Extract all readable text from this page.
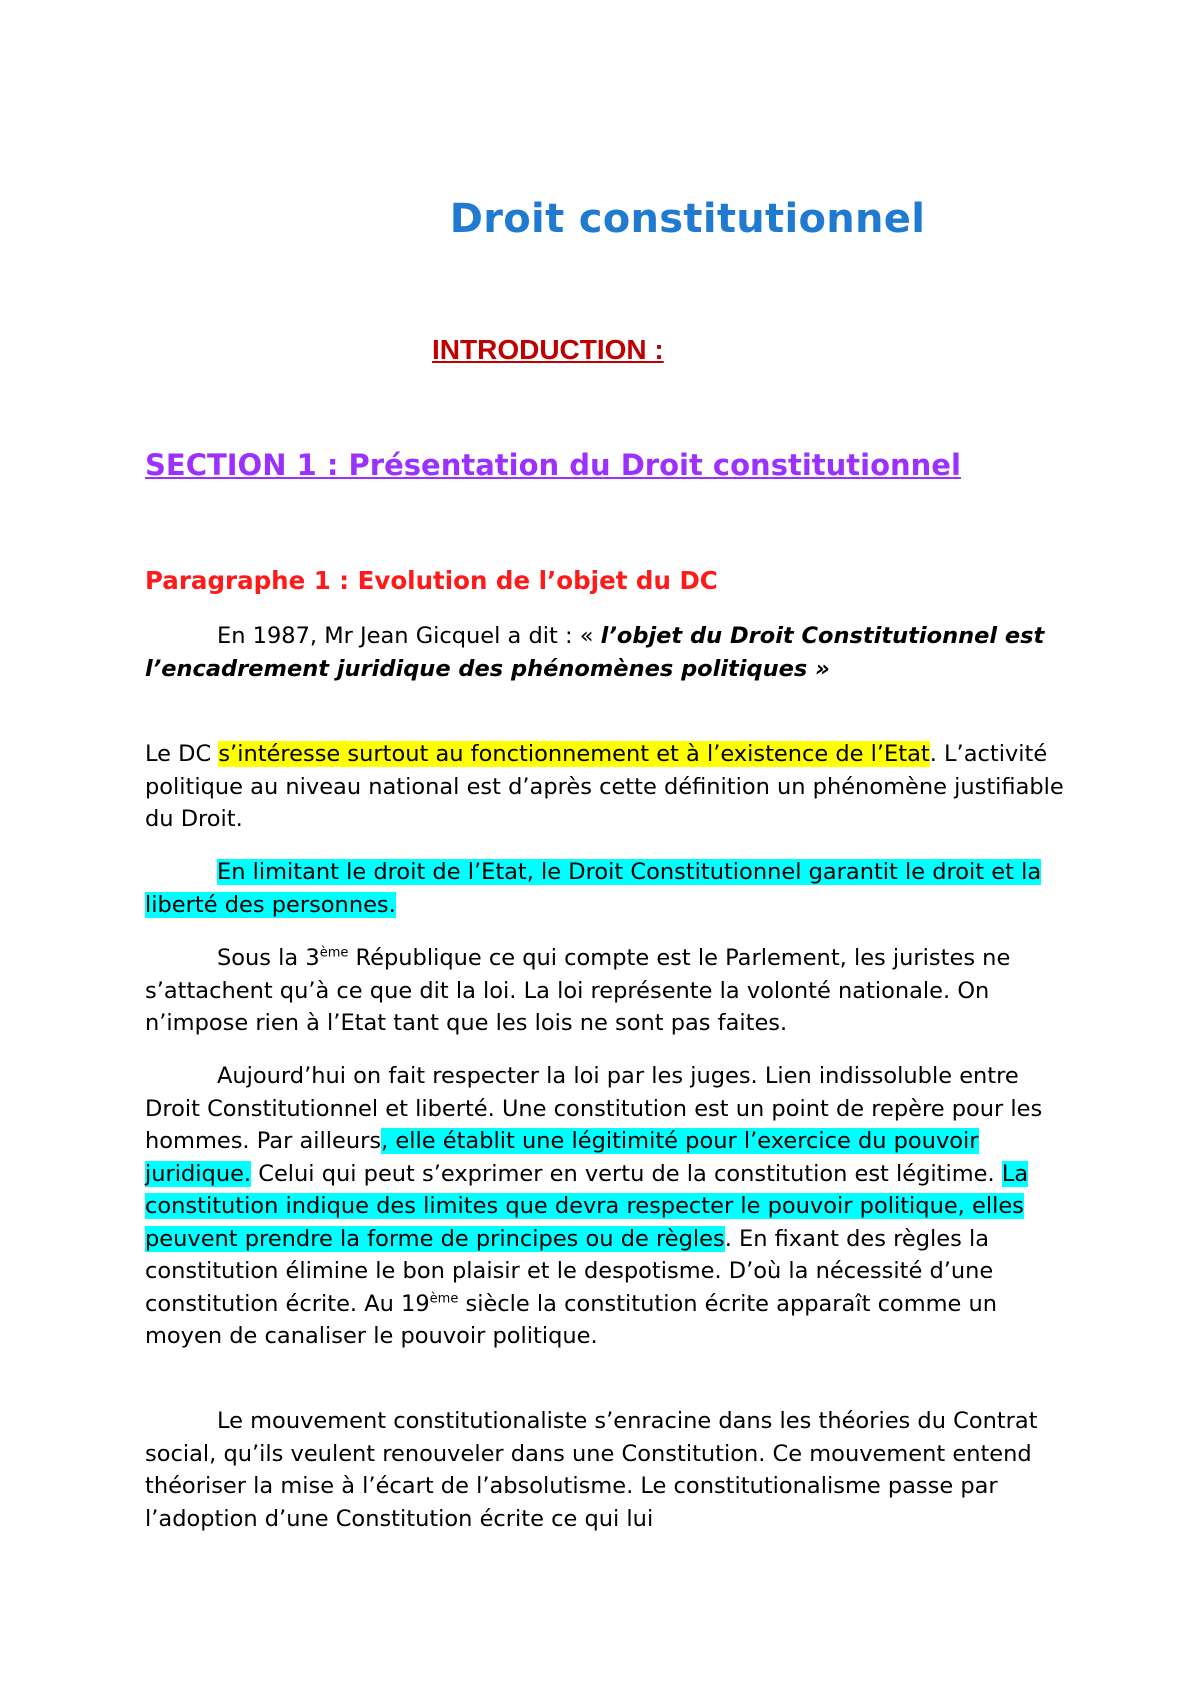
Droit constitutionnel
INTRODUCTION :
SECTION 1 : Présentation du Droit constitutionnel
Paragraphe 1 : Evolution de l’objet du DC

En 1987, Mr Jean Gicquel a dit : « l’objet du Droit Constitutionnel est l’encadrement juridique des phénomènes politiques »

Le DC s’intéresse surtout au fonctionnement et à l’existence de l’Etat. L’activité politique au niveau national est d’après cette définition un phénomène justifiable du Droit.

En limitant le droit de l’Etat, le Droit Constitutionnel garantit le droit et la liberté des personnes.

Sous la 3ème République ce qui compte est le Parlement, les juristes ne s’attachent qu’à ce que dit la loi. La loi représente la volonté nationale. On n’impose rien à l’Etat tant que les lois ne sont pas faites.

Aujourd’hui on fait respecter la loi par les juges. Lien indissoluble entre Droit Constitutionnel et liberté. Une constitution est un point de repère pour les hommes. Par ailleurs, elle établit une légitimité pour l’exercice du pouvoir juridique. Celui qui peut s’exprimer en vertu de la constitution est légitime. La constitution indique des limites que devra respecter le pouvoir politique, elles peuvent prendre la forme de principes ou de règles. En fixant des règles la constitution élimine le bon plaisir et le despotisme. D’où la nécessité d’une constitution écrite. Au 19ème siècle la constitution écrite apparaît comme un moyen de canaliser le pouvoir politique.

Le mouvement constitutionaliste s’enracine dans les théories du Contrat social, qu’ils veulent renouveler dans une Constitution. Ce mouvement entend théoriser la mise à l’écart de l’absolutisme. Le constitutionalisme passe par l’adoption d’une Constitution écrite ce qui lui
